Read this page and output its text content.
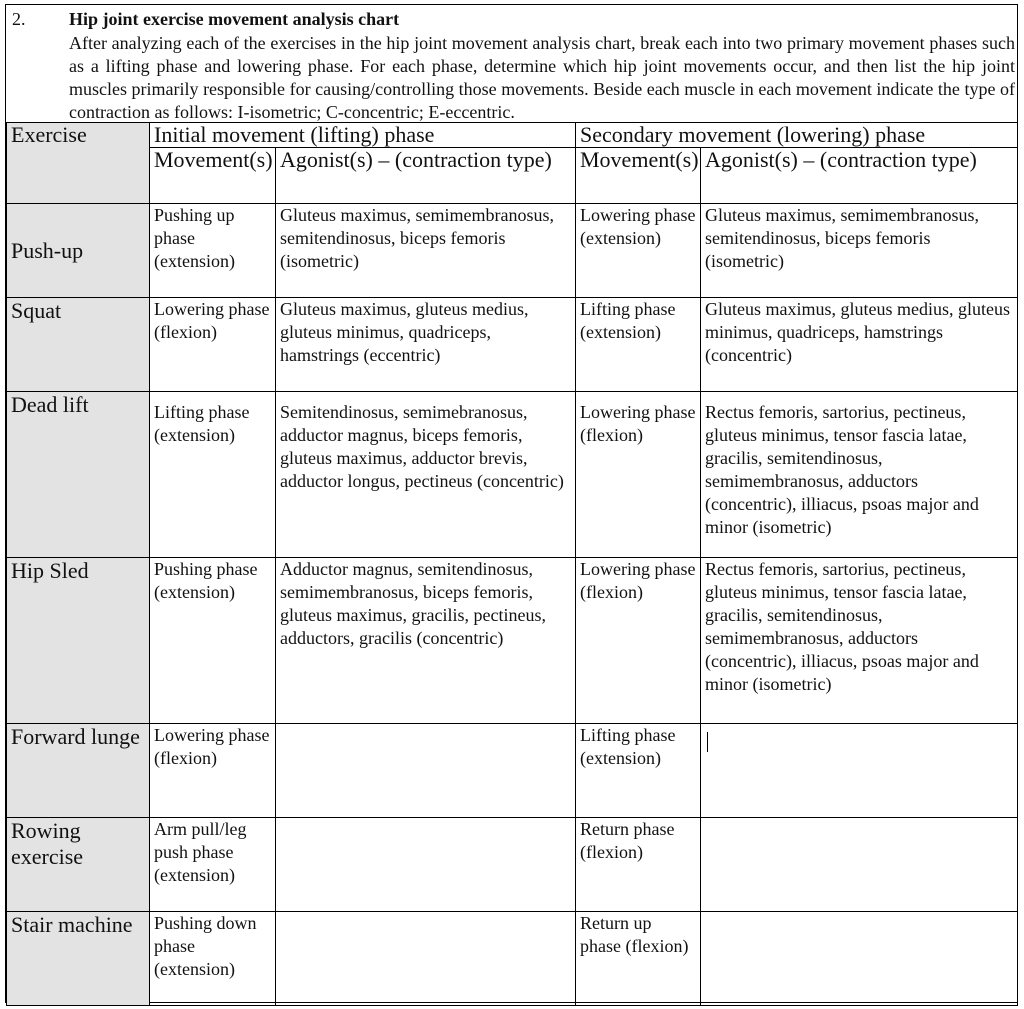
2. Hip joint exercise movement analysis chart
After analyzing each of the exercises in the hip joint movement analysis chart, break each into two primary movement phases such as a lifting phase and lowering phase. For each phase, determine which hip joint movements occur, and then list the hip joint muscles primarily responsible for causing/controlling those movements. Beside each muscle in each movement indicate the type of contraction as follows: I-isometric; C-concentric; E-eccentric.
Exercise	Initial movement (lifting) phase		Secondary movement (lowering) phase	
	Movement(s)	Agonist(s) – (contraction type)	Movement(s)	Agonist(s) – (contraction type)
Push-up	Pushing up phase (extension)	Gluteus maximus, semimembranosus, semitendinosus, biceps femoris (isometric)	Lowering phase (extension)	Gluteus maximus, semimembranosus, semitendinosus, biceps femoris (isometric)
Squat	Lowering phase (flexion)	Gluteus maximus, gluteus medius, gluteus minimus, quadriceps, hamstrings (eccentric)	Lifting phase (extension)	Gluteus maximus, gluteus medius, gluteus minimus, quadriceps, hamstrings (concentric)
Dead lift	Lifting phase (extension)	Semitendinosus, semimebranosus, adductor magnus, biceps femoris, gluteus maximus, adductor brevis, adductor longus, pectineus (concentric)	Lowering phase (flexion)	Rectus femoris, sartorius, pectineus, gluteus minimus, tensor fascia latae, gracilis, semitendinosus, semimembranosus, adductors (concentric), illiacus, psoas major and minor (isometric)
Hip Sled	Pushing phase (extension)	Adductor magnus, semitendinosus, semimembranosus, biceps femoris, gluteus maximus, gracilis, pectineus, adductors, gracilis (concentric)	Lowering phase (flexion)	Rectus femoris, sartorius, pectineus, gluteus minimus, tensor fascia latae, gracilis, semitendinosus, semimembranosus, adductors (concentric), illiacus, psoas major and minor (isometric)
Forward lunge	Lowering phase (flexion)		Lifting phase (extension)	
Rowing exercise	Arm pull/leg push phase (extension)		Return phase (flexion)	
Stair machine	Pushing down phase (extension)		Return up phase (flexion)	
